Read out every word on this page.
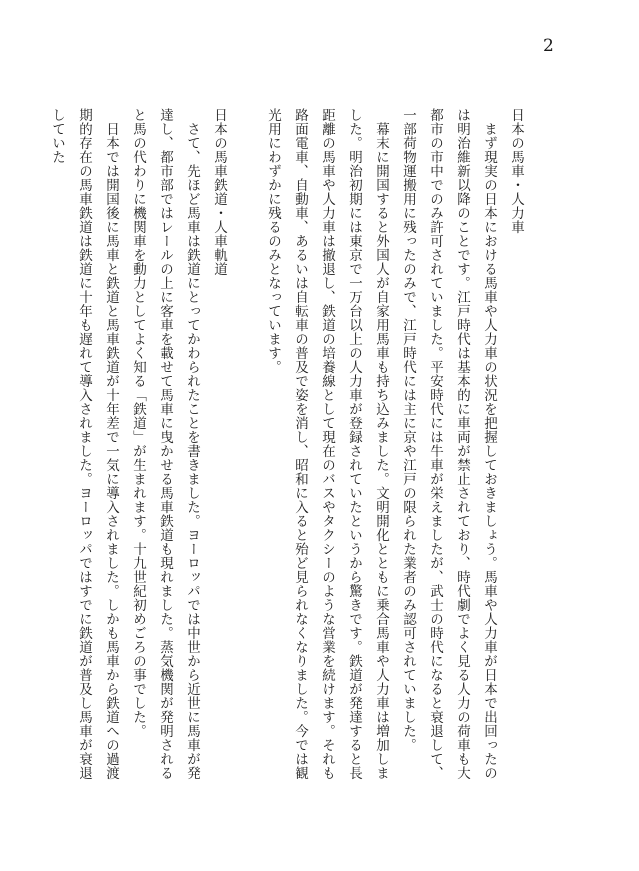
2
日本の馬車・人力車

まず現実の日本における馬車や人力車の状況を把握しておきましょう。馬車や人力車が日本で出回ったのは明治維新以降のことです。江戸時代は基本的に車両が禁止されており、時代劇でよく見る人力の荷車も大都市の市中でのみ許可されていました。平安時代には牛車が栄えましたが、武士の時代になると衰退して、一部荷物運搬用に残ったのみで、江戸時代には主に京や江戸の限られた業者のみ認可されていました。

幕末に開国すると外国人が自家用馬車も持ち込みました。文明開化とともに乗合馬車や人力車は増加しました。明治初期には東京で一万台以上の人力車が登録されていたというから驚きです。鉄道が発達すると長距離の馬車や人力車は撤退し、鉄道の培養線として現在のバスやタクシーのような営業を続けます。それも路面電車、自動車、あるいは自転車の普及で姿を消し、昭和に入ると殆ど見られなくなりました。今では観光用にわずかに残るのみとなっています。

日本の馬車鉄道・人車軌道

さて、先ほど馬車は鉄道にとってかわられたことを書きました。ヨーロッパでは中世から近世に馬車が発達し、都市部ではレールの上に客車を載せて馬車に曳かせる馬車鉄道も現れました。蒸気機関が発明されると馬の代わりに機関車を動力としてよく知る「鉄道」が生まれます。十九世紀初めごろの事でした。

日本では開国後に馬車と鉄道と馬車鉄道が十年差で一気に導入されました。しかも馬車から鉄道への過渡期的存在の馬車鉄道は鉄道に十年も遅れて導入されました。ヨーロッパではすでに鉄道が普及し馬車が衰退していた
